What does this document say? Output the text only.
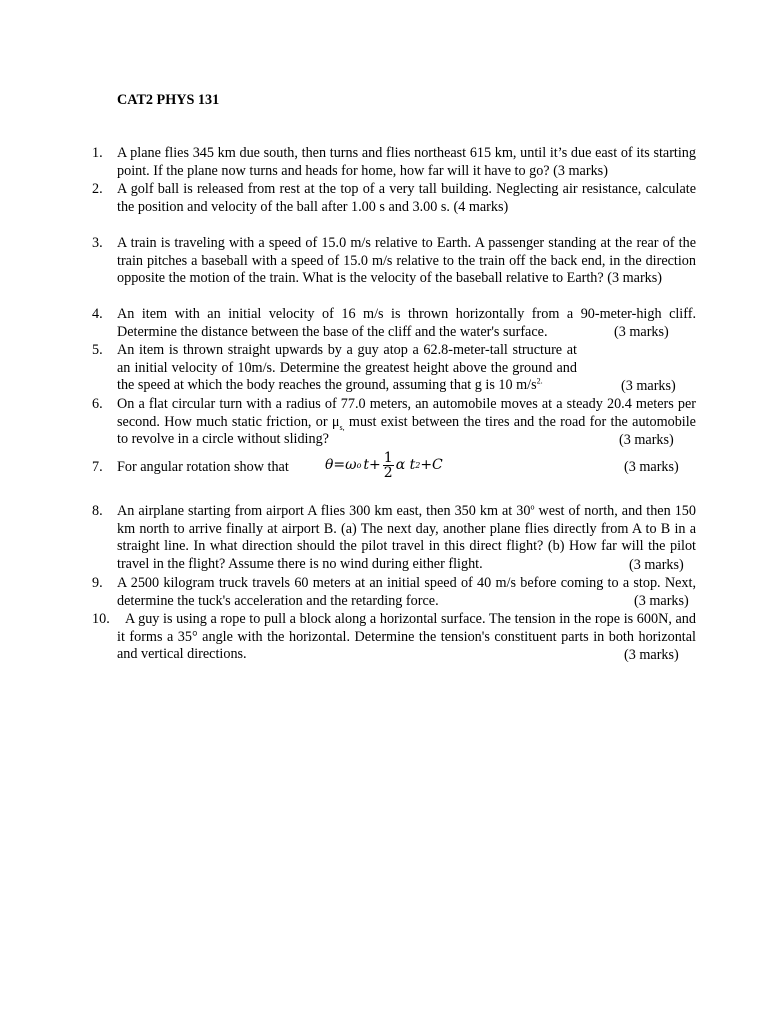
CAT2 PHYS 131
1.	A plane flies 345 km due south, then turns and flies northeast 615 km, until it’s due east of its starting point. If the plane now turns and heads for home, how far will it have to go? (3 marks)
2.	A golf ball is released from rest at the top of a very tall building. Neglecting air resistance, calculate the position and velocity of the ball after 1.00 s and 3.00 s. (4 marks)
3.	A train is traveling with a speed of 15.0 m/s relative to Earth. A passenger standing at the rear of the train pitches a baseball with a speed of 15.0 m/s relative to the train off the back end, in the direction opposite the motion of the train. What is the velocity of the baseball relative to Earth? (3 marks)
4.	An item with an initial velocity of 16 m/s is thrown horizontally from a 90-meter-high cliff. Determine the distance between the base of the cliff and the water's surface.	(3 marks)
5.	An item is thrown straight upwards by a guy atop a 62.8-meter-tall structure at an initial velocity of 10m/s. Determine the greatest height above the ground and the speed at which the body reaches the ground, assuming that g is 10 $m/s^{2.}$	(3 marks)
6.	On a flat circular turn with a radius of 77.0 meters, an automobile moves at a steady 20.4 meters per second. How much static friction, or $\mu_{s,}$ must exist between the tires and the road for the automobile to revolve in a circle without sliding?	(3 marks)
7.	For angular rotation show that	θ=ω o $t+ \frac{1}{2}$ α t 2 +C	(3 marks)
8.	An airplane starting from airport A flies 300 km east, then 350 km at 30$^o$ west of north, and then 150 km north to arrive finally at airport B. (a) The next day, another plane flies directly from A to B in a straight line. In what direction should the pilot travel in this direct flight? (b) How far will the pilot travel in the flight? Assume there is no wind during either flight.	(3 marks)
9.	A 2500 kilogram truck travels 60 meters at an initial speed of 40 m/s before coming to a stop. Next, determine the tuck's acceleration and the retarding force.	(3 marks)
10.	A guy is using a rope to pull a block along a horizontal surface. The tension in the rope is 600N, and it forms a 35° angle with the horizontal. Determine the tension's constituent parts in both horizontal and vertical directions.	(3 marks)
